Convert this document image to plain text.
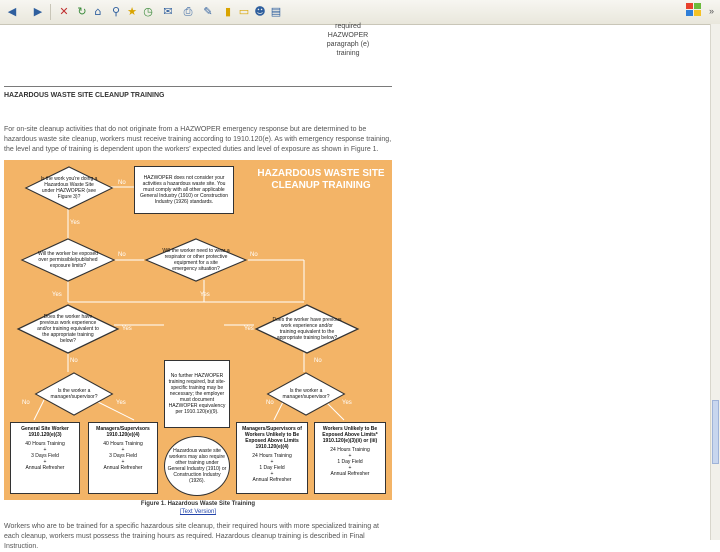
◀	▶	✕ ↻ ⌂ ⚲ ★ ◷ ✉ ⎙ ✎	▮ ▭ ☻ ▤	»
required
HAZWOPER
paragraph (e)
training
HAZARDOUS WASTE SITE CLEANUP TRAINING
For on-site cleanup activities that do not originate from a HAZWOPER emergency response but are determined to be hazardous waste site cleanup, workers must receive training according to 1910.120(e). As with emergency response training, the level and type of training is dependent upon the workers' expected duties and level of exposure as shown in Figure 1.
HAZARDOUS WASTE SITE CLEANUP TRAINING
Is the work you're doing a Hazardous Waste Site under HAZWOPER (see Figure 3)?
HAZWOPER does not consider your activities a hazardous waste site. You must comply with all other applicable General Industry (1910) or Construction Industry (1926) standards.
Will the worker be exposed over permissible/published exposure limits?
Will the worker need to wear a respirator or other protective equipment for a site emergency situation?
Does the worker have previous work experience and/or training equivalent to the appropriate training below?
Does the worker have previous work experience and/or training equivalent to the appropriate training below?
No further HAZWOPER training required, but site-specific training may be necessary; the employer must document HAZWOPER equivalency per 1910.120(e)(9).
Is the worker a manager/supervisor?
Is the worker a manager/supervisor?
Hazardous waste site workers may also require other training under General Industry (1910) or Construction Industry (1926).
General Site Worker 1910.120(e)(3)
40 Hours Training
+
3 Days Field
+
Annual Refresher
Managers/Supervisors 1910.120(e)(4)
40 Hours Training
+
3 Days Field
+
Annual Refresher
Managers/Supervisors of Workers Unlikely to Be Exposed Above Limits 1910.120(e)(4)
24 Hours Training
+
1 Day Field
+
Annual Refresher
Workers Unlikely to Be Exposed Above Limits* 1910.120(e)(3)(ii) or (iii)
24 Hours Training
+
1 Day Field
+
Annual Refresher
No
Yes
No	No
Yes	Yes
Yes	Yes
No	No
No	Yes	No	Yes
Figure 1. Hazardous Waste Site Training
[Text Version]
Workers who are to be trained for a specific hazardous site cleanup, their required hours with more specialized training at each cleanup, workers must possess the training hours as required. Hazardous cleanup training is described in Final Instruction.
